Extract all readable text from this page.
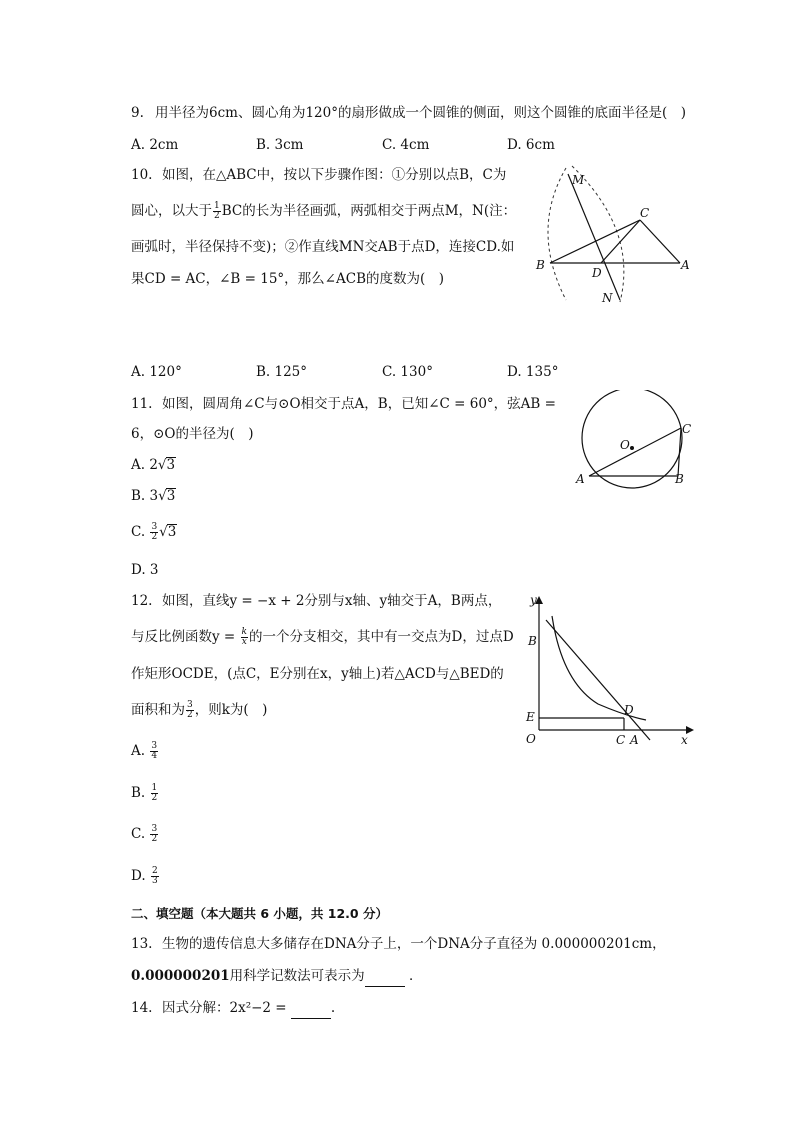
9. 用半径为6cm、圆心角为120°的扇形做成一个圆锥的侧面，则这个圆锥的底面半径是(　)
A. 2cm	B. 3cm	C. 4cm	D. 6cm
10. 如图，在△ABC中，按以下步骤作图：①分别以点B，C为
圆心，以大于 $\frac{1}{2}$ BC的长为半径画弧，两弧相交于两点M，N(注：
画弧时，半径保持不变)；②作直线MN交AB于点D，连接CD.如
果CD = AC，∠B = 15°，那么∠ACB的度数为(　)
M
C
B
D
A
N
A. 120°	B. 125°	C. 130°	D. 135°
11. 如图，圆周角∠C与⊙O相交于点A，B，已知∠C = 60°，弦AB =
6，⊙O的半径为(　)
A. 2√3
B. 3√3
C. $\frac{3}{2} √3$
D. 3
O
C
A	B
12. 如图，直线y = −x + 2分别与x轴、y轴交于A，B两点，
与反比例函数$y = \frac{k}{x}$ 的一个分支相交，其中有一交点为D，过点D
作矩形OCDE，(点C，E分别在x，y轴上)若△ACD与△BED的
面积和为 $\frac{3}{2}$ ，则k为(　)
A. $\frac{3}{4}$
B. $\frac{1}{2}$
C. $\frac{3}{2}$
D. $\frac{2}{3}$
y
B
E	D
O	C A	x
二、填空题（本大题共 6 小题，共 12.0 分）
13. 生物的遗传信息大多储存在DNA分子上，一个DNA分子直径为 0.000000201cm，
0.000000201用科学记数法可表示为	．
14. 因式分解：2x²−2 =	.
